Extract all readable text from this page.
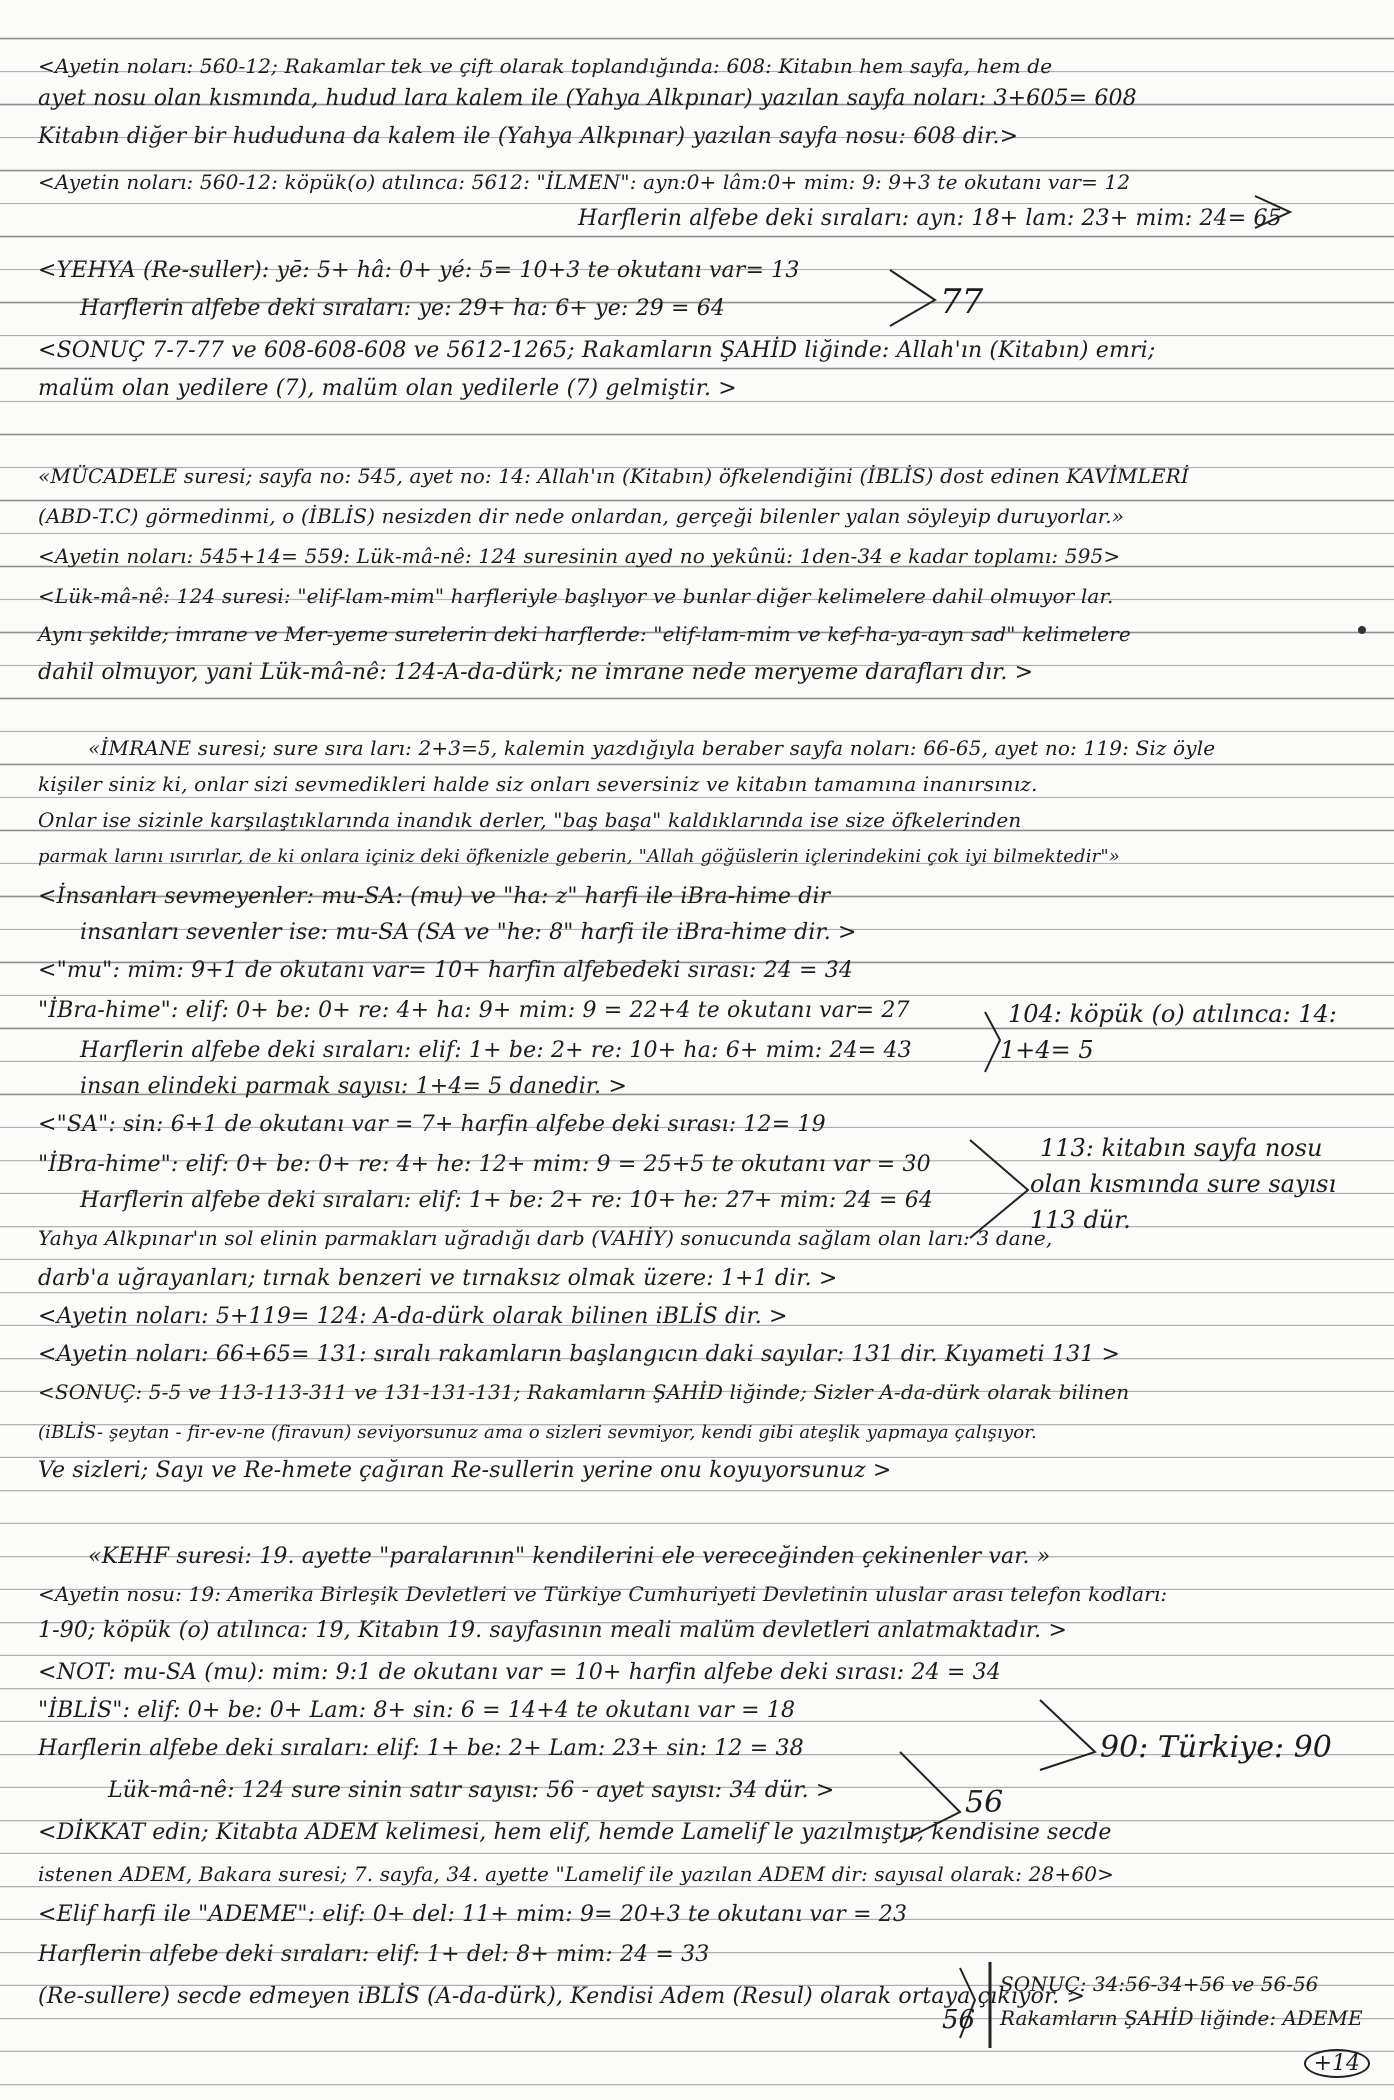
<Ayetin noları: 560-12; Rakamlar tek ve çift olarak toplandığında: 608: Kitabın hem sayfa, hem de
ayet nosu olan kısmında, hudud lara kalem ile (Yahya Alkpınar) yazılan sayfa noları: 3+605= 608
Kitabın diğer bir hududuna da kalem ile (Yahya Alkpınar) yazılan sayfa nosu: 608 dir.>
<Ayetin noları: 560-12: köpük(o) atılınca: 5612: "İLMEN": ayn:0+ lâm:0+ mim: 9: 9+3 te okutanı var= 12
Harflerin alfebe deki sıraları: ayn: 18+ lam: 23+ mim: 24= 65
<YEHYA (Re-suller): yē: 5+ hâ: 0+ yé: 5= 10+3 te okutanı var= 13
Harflerin alfebe deki sıraları: ye: 29+ ha: 6+ ye: 29 = 64
<SONUÇ 7-7-77 ve 608-608-608 ve 5612-1265; Rakamların ŞAHİD liğinde: Allah'ın (Kitabın) emri;
malüm olan yedilere (7), malüm olan yedilerle (7) gelmiştir. >
«MÜCADELE suresi; sayfa no: 545, ayet no: 14: Allah'ın (Kitabın) öfkelendiğini (İBLİS) dost edinen KAVİMLERİ
(ABD-T.C) görmedinmi, o (İBLİS) nesizden dir nede onlardan, gerçeği bilenler yalan söyleyip duruyorlar.»
<Ayetin noları: 545+14= 559: Lük-mâ-nê: 124 suresinin ayed no yekûnü: 1den-34 e kadar toplamı: 595>
<Lük-mâ-nê: 124 suresi: "elif-lam-mim" harfleriyle başlıyor ve bunlar diğer kelimelere dahil olmuyor lar.
Aynı şekilde; imrane ve Mer-yeme surelerin deki harflerde: "elif-lam-mim ve kef-ha-ya-ayn sad" kelimelere
dahil olmuyor, yani Lük-mâ-nê: 124-A-da-dürk; ne imrane nede meryeme darafları dır. >
«İMRANE suresi; sure sıra ları: 2+3=5, kalemin yazdığıyla beraber sayfa noları: 66-65, ayet no: 119: Siz öyle
kişiler siniz ki, onlar sizi sevmedikleri halde siz onları seversiniz ve kitabın tamamına inanırsınız.
Onlar ise sizinle karşılaştıklarında inandık derler, "baş başa" kaldıklarında ise size öfkelerinden
parmak larını ısırırlar, de ki onlara içiniz deki öfkenizle geberin, "Allah göğüslerin içlerindekini çok iyi bilmektedir"»
<İnsanları sevmeyenler: mu-SA: (mu) ve "ha: z" harfi ile iBra-hime dir
insanları sevenler ise: mu-SA (SA ve "he: 8" harfi ile iBra-hime dir. >
<"mu": mim: 9+1 de okutanı var= 10+ harfin alfebedeki sırası: 24 = 34
"İBra-hime": elif: 0+ be: 0+ re: 4+ ha: 9+ mim: 9 = 22+4 te okutanı var= 27
Harflerin alfebe deki sıraları: elif: 1+ be: 2+ re: 10+ ha: 6+ mim: 24= 43
insan elindeki parmak sayısı: 1+4= 5 danedir. >
<"SA": sin: 6+1 de okutanı var = 7+ harfin alfebe deki sırası: 12= 19
"İBra-hime": elif: 0+ be: 0+ re: 4+ he: 12+ mim: 9 = 25+5 te okutanı var = 30
Harflerin alfebe deki sıraları: elif: 1+ be: 2+ re: 10+ he: 27+ mim: 24 = 64
Yahya Alkpınar'ın sol elinin parmakları uğradığı darb (VAHİY) sonucunda sağlam olan ları: 3 dane,
darb'a uğrayanları; tırnak benzeri ve tırnaksız olmak üzere: 1+1 dir. >
<Ayetin noları: 5+119= 124: A-da-dürk olarak bilinen iBLİS dir. >
<Ayetin noları: 66+65= 131: sıralı rakamların başlangıcın daki sayılar: 131 dir. Kıyameti 131 >
<SONUÇ: 5-5 ve 113-113-311 ve 131-131-131; Rakamların ŞAHİD liğinde; Sizler A-da-dürk olarak bilinen
(iBLİS- şeytan - fir-ev-ne (firavun) seviyorsunuz ama o sizleri sevmiyor, kendi gibi ateşlik yapmaya çalışıyor.
Ve sizleri; Sayı ve Re-hmete çağıran Re-sullerin yerine onu koyuyorsunuz >
«KEHF suresi: 19. ayette "paralarının" kendilerini ele vereceğinden çekinenler var. »
<Ayetin nosu: 19: Amerika Birleşik Devletleri ve Türkiye Cumhuriyeti Devletinin uluslar arası telefon kodları:
1-90; köpük (o) atılınca: 19, Kitabın 19. sayfasının meali malüm devletleri anlatmaktadır. >
<NOT: mu-SA (mu): mim: 9:1 de okutanı var = 10+ harfin alfebe deki sırası: 24 = 34
"İBLİS": elif: 0+ be: 0+ Lam: 8+ sin: 6 = 14+4 te okutanı var = 18
Harflerin alfebe deki sıraları: elif: 1+ be: 2+ Lam: 23+ sin: 12 = 38
Lük-mâ-nê: 124 sure sinin satır sayısı: 56 - ayet sayısı: 34 dür. >
<DİKKAT edin; Kitabta ADEM kelimesi, hem elif, hemde Lamelif le yazılmıştır, kendisine secde
istenen ADEM, Bakara suresi; 7. sayfa, 34. ayette "Lamelif ile yazılan ADEM dir: sayısal olarak: 28+60>
<Elif harfi ile "ADEME": elif: 0+ del: 11+ mim: 9= 20+3 te okutanı var = 23
Harflerin alfebe deki sıraları: elif: 1+ del: 8+ mim: 24 = 33
(Re-sullere) secde edmeyen iBLİS (A-da-dürk), Kendisi Adem (Resul) olarak ortaya çıkıyor. >
77
104: köpük (o) atılınca: 14:
1+4= 5
113: kitabın sayfa nosu
olan kısmında sure sayısı
113 dür.
90: Türkiye: 90
56
56
SONUÇ: 34:56-34+56 ve 56-56
Rakamların ŞAHİD liğinde: ADEME
+14
